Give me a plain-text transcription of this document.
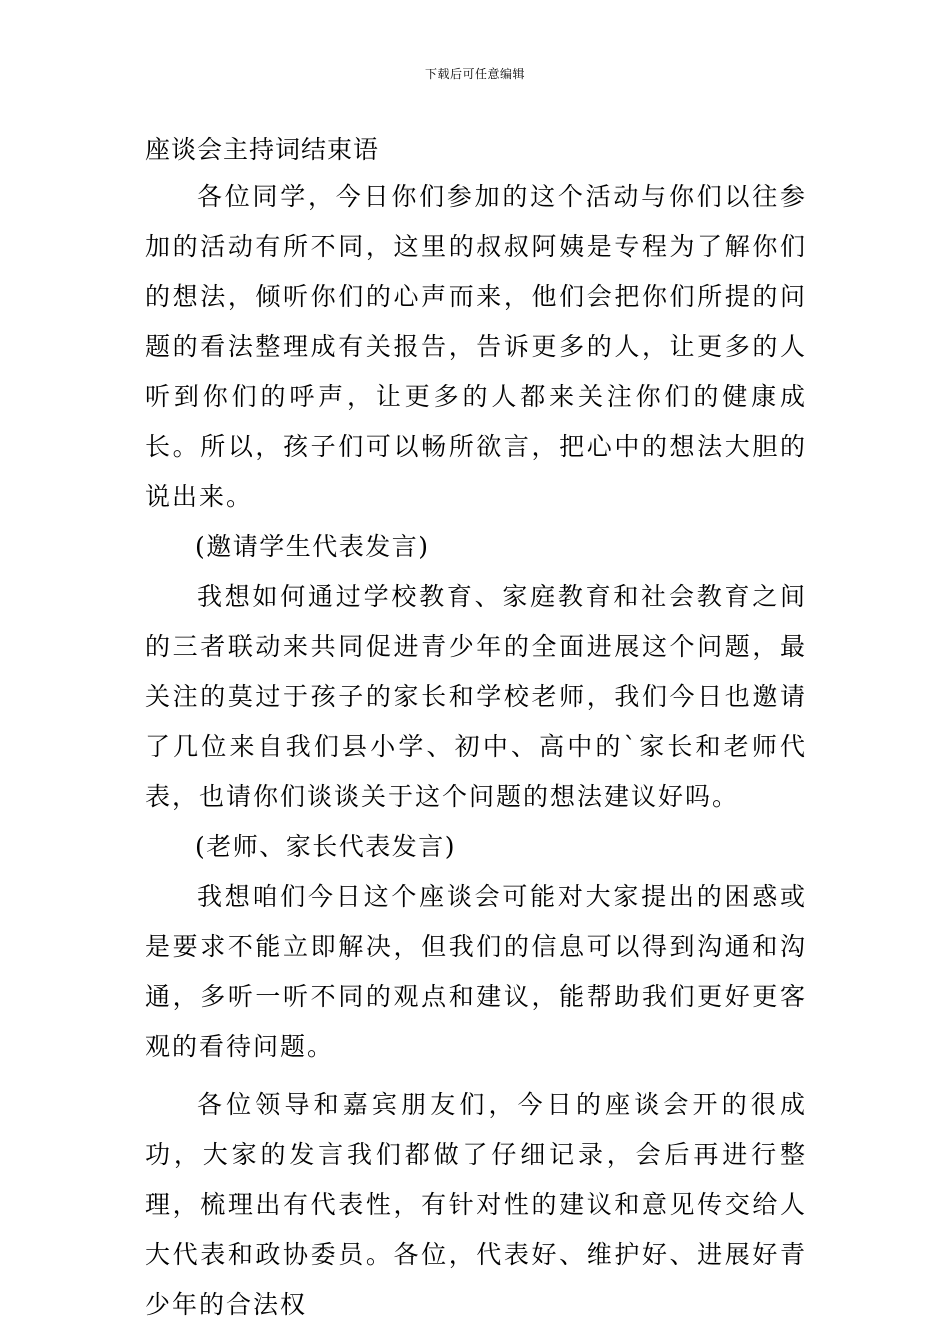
下载后可任意编辑
座谈会主持词结束语

各位同学，今日你们参加的这个活动与你们以往参加的活动有所不同，这里的叔叔阿姨是专程为了解你们的想法，倾听你们的心声而来，他们会把你们所提的问题的看法整理成有关报告，告诉更多的人，让更多的人听到你们的呼声，让更多的人都来关注你们的健康成长。所以，孩子们可以畅所欲言，把心中的想法大胆的说出来。

(邀请学生代表发言)

我想如何通过学校教育、家庭教育和社会教育之间的三者联动来共同促进青少年的全面进展这个问题，最关注的莫过于孩子的家长和学校老师，我们今日也邀请了几位来自我们县小学、初中、高中的`家长和老师代表，也请你们谈谈关于这个问题的想法建议好吗。

(老师、家长代表发言)

我想咱们今日这个座谈会可能对大家提出的困惑或是要求不能立即解决，但我们的信息可以得到沟通和沟通，多听一听不同的观点和建议，能帮助我们更好更客观的看待问题。

各位领导和嘉宾朋友们，今日的座谈会开的很成功，大家的发言我们都做了仔细记录，会后再进行整理，梳理出有代表性，有针对性的建议和意见传交给人大代表和政协委员。各位，代表好、维护好、进展好青少年的合法权
